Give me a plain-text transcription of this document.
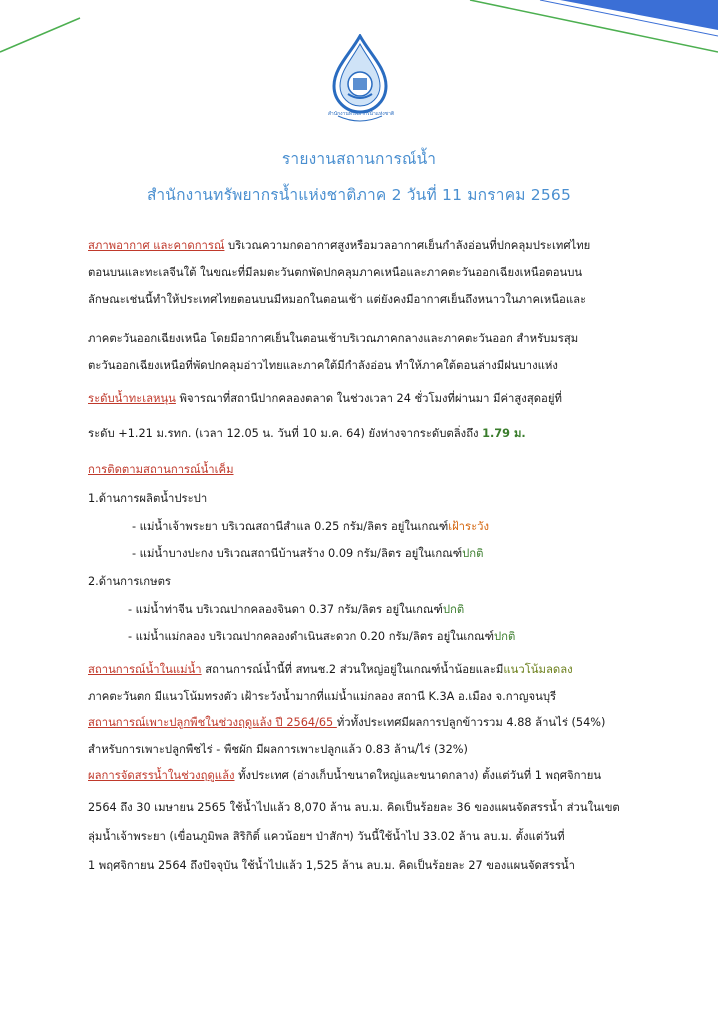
สำนักงานทรัพยากรน้ำแห่งชาติ
รายงานสถานการณ์น้ำ
สำนักงานทรัพยากรน้ำแห่งชาติภาค 2 วันที่ 11 มกราคม 2565
สภาพอากาศ และคาดการณ์ บริเวณความกดอากาศสูงหรือมวลอากาศเย็นกำลังอ่อนที่ปกคลุมประเทศไทย
ตอนบนและทะเลจีนใต้ ในขณะที่มีลมตะวันตกพัดปกคลุมภาคเหนือและภาคตะวันออกเฉียงเหนือตอนบน
ลักษณะเช่นนี้ทำให้ประเทศไทยตอนบนมีหมอกในตอนเช้า แต่ยังคงมีอากาศเย็นถึงหนาวในภาคเหนือและ
ภาคตะวันออกเฉียงเหนือ โดยมีอากาศเย็นในตอนเช้าบริเวณภาคกลางและภาคตะวันออก สำหรับมรสุม
ตะวันออกเฉียงเหนือที่พัดปกคลุมอ่าวไทยและภาคใต้มีกำลังอ่อน ทำให้ภาคใต้ตอนล่างมีฝนบางแห่ง
ระดับน้ำทะเลหนุน พิจารณาที่สถานีปากคลองตลาด ในช่วงเวลา 24 ชั่วโมงที่ผ่านมา มีค่าสูงสุดอยู่ที่
ระดับ +1.21 ม.รทก. (เวลา 12.05 น. วันที่ 10 ม.ค. 64) ยังห่างจากระดับตลิ่งถึง 1.79 ม.
การติดตามสถานการณ์น้ำเค็ม
1.ด้านการผลิตน้ำประปา
- แม่น้ำเจ้าพระยา บริเวณสถานีสำแล 0.25 กรัม/ลิตร อยู่ในเกณฑ์เฝ้าระวัง
- แม่น้ำบางปะกง บริเวณสถานีบ้านสร้าง 0.09 กรัม/ลิตร อยู่ในเกณฑ์ปกติ
2.ด้านการเกษตร
- แม่น้ำท่าจีน บริเวณปากคลองจินดา 0.37 กรัม/ลิตร อยู่ในเกณฑ์ปกติ
- แม่น้ำแม่กลอง บริเวณปากคลองดำเนินสะดวก 0.20 กรัม/ลิตร อยู่ในเกณฑ์ปกติ
สถานการณ์น้ำในแม่น้ำ สถานการณ์น้ำนี้ที่ สทนช.2 ส่วนใหญ่อยู่ในเกณฑ์น้ำน้อยและมีแนวโน้มลดลง
ภาคตะวันตก มีแนวโน้มทรงตัว เฝ้าระวังน้ำมากที่แม่น้ำแม่กลอง สถานี K.3A อ.เมือง จ.กาญจนบุรี
สถานการณ์เพาะปลูกพืชในช่วงฤดูแล้ง ปี 2564/65 ทั่วทั้งประเทศมีผลการปลูกข้าวรวม 4.88 ล้านไร่ (54%)
สำหรับการเพาะปลูกพืชไร่ - พืชผัก มีผลการเพาะปลูกแล้ว 0.83 ล้าน/ไร่ (32%)
ผลการจัดสรรน้ำในช่วงฤดูแล้ง ทั้งประเทศ (อ่างเก็บน้ำขนาดใหญ่และขนาดกลาง) ตั้งแต่วันที่ 1 พฤศจิกายน
2564 ถึง 30 เมษายน 2565 ใช้น้ำไปแล้ว 8,070 ล้าน ลบ.ม. คิดเป็นร้อยละ 36 ของแผนจัดสรรน้ำ ส่วนในเขต
ลุ่มน้ำเจ้าพระยา (เขื่อนภูมิพล สิริกิติ์ แควน้อยฯ ป่าสักฯ) วันนี้ใช้น้ำไป 33.02 ล้าน ลบ.ม. ตั้งแต่วันที่
1 พฤศจิกายน 2564 ถึงปัจจุบัน ใช้น้ำไปแล้ว 1,525 ล้าน ลบ.ม. คิดเป็นร้อยละ 27 ของแผนจัดสรรน้ำ
